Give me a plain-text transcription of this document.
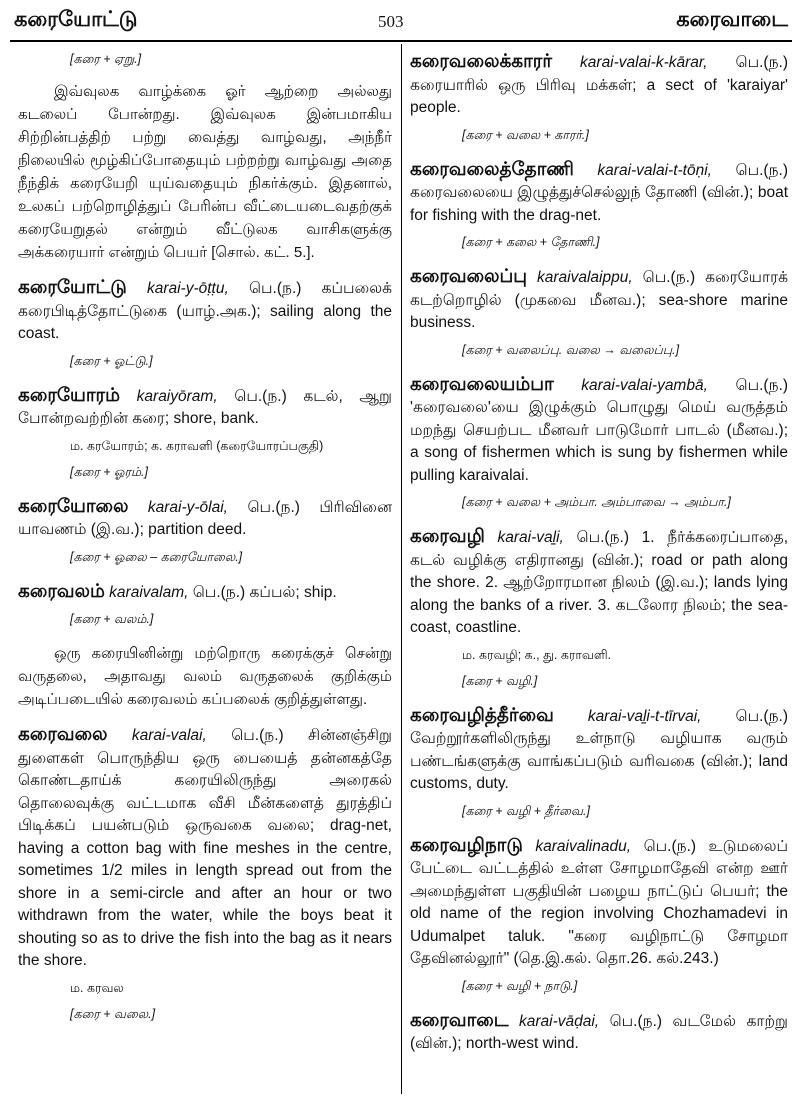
கரையோட்டு	503	கரைவாடை
[கரை + ஏறு.]
இவ்வுலக வாழ்க்கை ஓர் ஆற்றை அல்லது கடலைப் போன்றது. இவ்வுலக இன்பமாகிய சிற்றின்பத்திற் பற்று வைத்து வாழ்வது, அந்நீர் நிலையில் மூழ்கிப்போதையும் பற்றற்று வாழ்வது அதை நீந்திக் கரையேறி யுய்வதையும் நிகர்க்கும். இதனால், உலகப் பற்றொழித்துப் பேரின்ப வீட்டையடைவதற்குக் கரையேறுதல் என்றும் வீட்டுலக வாசிகளுக்கு அக்கரையார் என்றும் பெயர் [சொல். கட். 5.].
கரையோட்டு karai-y-ōṭṭu, பெ.(ந.) கப்பலைக் கரைபிடித்தோட்டுகை (யாழ்.அக.); sailing along the coast.
[கரை + ஓட்டு.]
கரையோரம் karaiyōram, பெ.(ந.) கடல், ஆறு போன்றவற்றின் கரை; shore, bank.
ம. கரயோரம்; க. கராவளி (கரையோரப்பகுதி)
[கரை + ஓரம்.]
கரையோலை karai-y-ōlai, பெ.(ந.) பிரிவினை யாவணம் (இ.வ.); partition deed.
[கரை + ஓலை – கரையோலை.]
கரைவலம் karaivalam, பெ.(ந.) கப்பல்; ship.
[கரை + வலம்.]
ஒரு கரையினின்று மற்றொரு கரைக்குச் சென்று வருதலை, அதாவது வலம் வருதலைக் குறிக்கும் அடிப்படையில் கரைவலம் கப்பலைக் குறித்துள்ளது.
கரைவலை karai-valai, பெ.(ந.) சின்னஞ்சிறு துளைகள் பொருந்திய ஒரு பையைத் தன்னகத்தே கொண்டதாய்க் கரையிலிருந்து அரைகல் தொலைவுக்கு வட்டமாக வீசி மீன்களைத் துரத்திப் பிடிக்கப் பயன்படும் ஒருவகை வலை; drag-net, having a cotton bag with fine meshes in the centre, sometimes 1/2 miles in length spread out from the shore in a semi-circle and after an hour or two withdrawn from the water, while the boys beat it shouting so as to drive the fish into the bag as it nears the shore.
ம. கரவல
[கரை + வலை.]
கரைவலைக்காரர் karai-valai-k-kārar, பெ.(ந.) கரையாரில் ஒரு பிரிவு மக்கள்; a sect of 'karaiyar' people.
[கரை + வலை + காரர்.]
கரைவலைத்தோணி karai-valai-t-tōṇi, பெ.(ந.) கரைவலையை இழுத்துச்செல்லுந் தோணி (வின்.); boat for fishing with the drag-net.
[கரை + கலை + தோணி.]
கரைவலைப்பு karaivalaippu, பெ.(ந.) கரையோரக் கடற்றொழில் (முகவை மீனவ.); sea-shore marine business.
[கரை + வலைப்பு. வலை → வலைப்பு.]
கரைவலையம்பா karai-valai-yambā, பெ.(ந.) 'கரைவலை'யை இழுக்கும் பொழுது மெய் வருத்தம் மறந்து செயற்பட மீனவர் பாடுமோர் பாடல் (மீனவ.); a song of fishermen which is sung by fishermen while pulling karaivalai.
[கரை + வலை + அம்பா. அம்பாவை → அம்பா.]
கரைவழி karai-vaḻi, பெ.(ந.) 1. நீர்க்கரைப்பாதை, கடல் வழிக்கு எதிரானது (வின்.); road or path along the shore. 2. ஆற்றோரமான நிலம் (இ.வ.); lands lying along the banks of a river. 3. கடலோர நிலம்; the sea-coast, coastline.
ம. கரவழி; க., து. கராவளி.
[கரை + வழி.]
கரைவழித்தீர்வை karai-vaḻi-t-tīrvai, பெ.(ந.) வேற்றூர்களிலிருந்து உள்நாடு வழியாக வரும் பண்டங்களுக்கு வாங்கப்படும் வரிவகை (வின்.); land customs, duty.
[கரை + வழி + தீர்வை.]
கரைவழிநாடு karaivalinadu, பெ.(ந.) உடுமலைப் பேட்டை வட்டத்தில் உள்ள சோழமாதேவி என்ற ஊர் அமைந்துள்ள பகுதியின் பழைய நாட்டுப் பெயர்; the old name of the region involving Chozhamadevi in Udumalpet taluk. "கரை வழிநாட்டு சோழமா தேவினல்லூர்" (தெ.இ.கல். தொ.26. கல்.243.)
[கரை + வழி + நாடு.]
கரைவாடை karai-vāḍai, பெ.(ந.) வடமேல் காற்று (வின்.); north-west wind.
